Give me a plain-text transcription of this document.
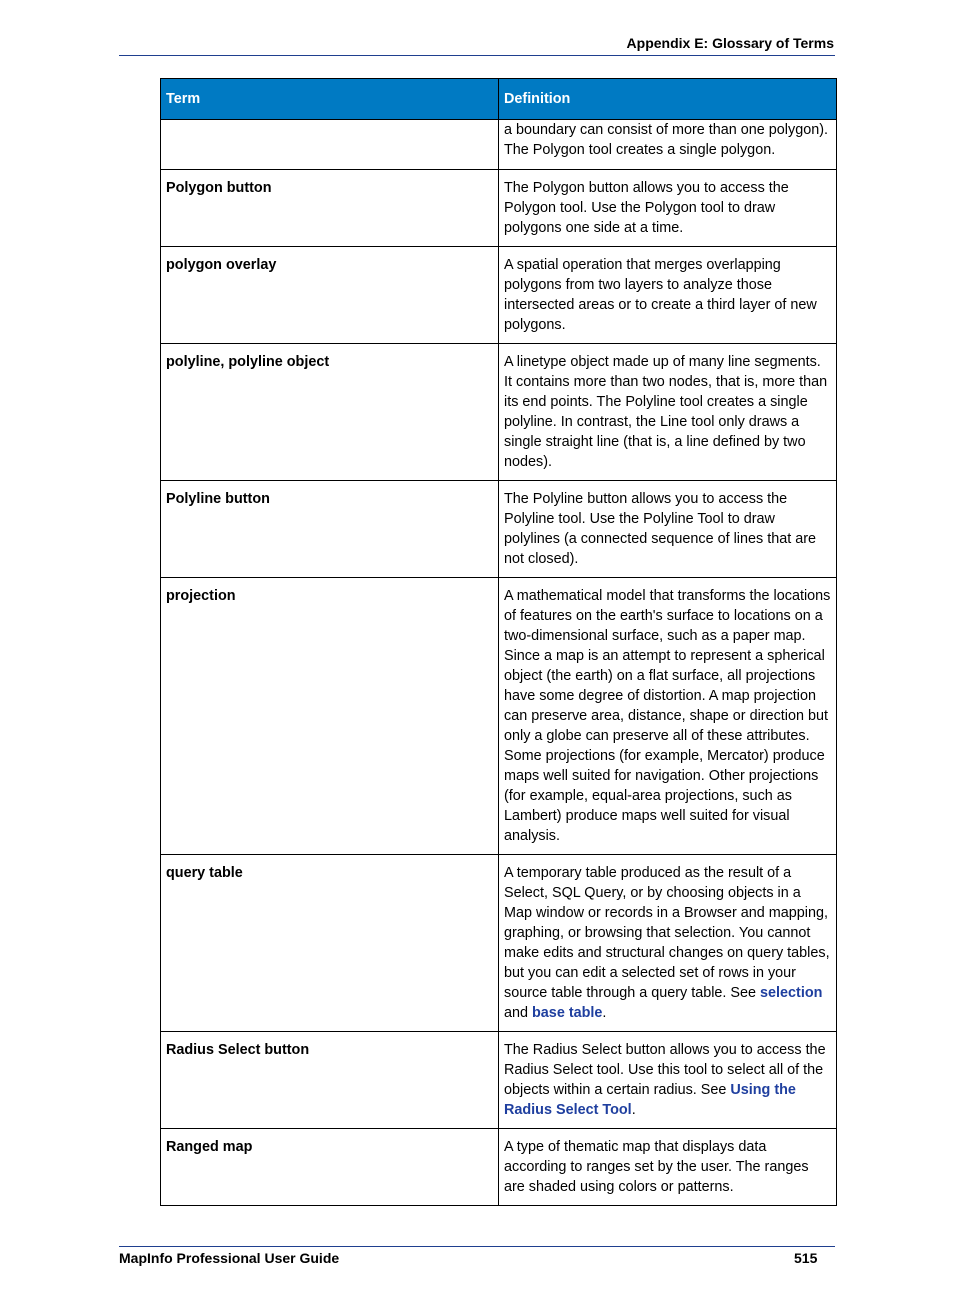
Appendix E: Glossary of Terms
Term	Definition
	a boundary can consist of more than one polygon). The Polygon tool creates a single polygon.
Polygon button	The Polygon button allows you to access the Polygon tool. Use the Polygon tool to draw polygons one side at a time.
polygon overlay	A spatial operation that merges overlapping polygons from two layers to analyze those intersected areas or to create a third layer of new polygons.
polyline, polyline object	A linetype object made up of many line segments. It contains more than two nodes, that is, more than its end points. The Polyline tool creates a single polyline. In contrast, the Line tool only draws a single straight line (that is, a line defined by two nodes).
Polyline button	The Polyline button allows you to access the Polyline tool. Use the Polyline Tool to draw polylines (a connected sequence of lines that are not closed).
projection	A mathematical model that transforms the locations of features on the earth's surface to locations on a two-dimensional surface, such as a paper map. Since a map is an attempt to represent a spherical object (the earth) on a flat surface, all projections have some degree of distortion. A map projection can preserve area, distance, shape or direction but only a globe can preserve all of these attributes. Some projections (for example, Mercator) produce maps well suited for navigation. Other projections (for example, equal-area projections, such as Lambert) produce maps well suited for visual analysis.
query table	A temporary table produced as the result of a Select, SQL Query, or by choosing objects in a Map window or records in a Browser and mapping, graphing, or browsing that selection. You cannot make edits and structural changes on query tables, but you can edit a selected set of rows in your source table through a query table. See selection and base table.
Radius Select button	The Radius Select button allows you to access the Radius Select tool. Use this tool to select all of the objects within a certain radius. See Using the Radius Select Tool.
Ranged map	A type of thematic map that displays data according to ranges set by the user. The ranges are shaded using colors or patterns.
MapInfo Professional User Guide	515
